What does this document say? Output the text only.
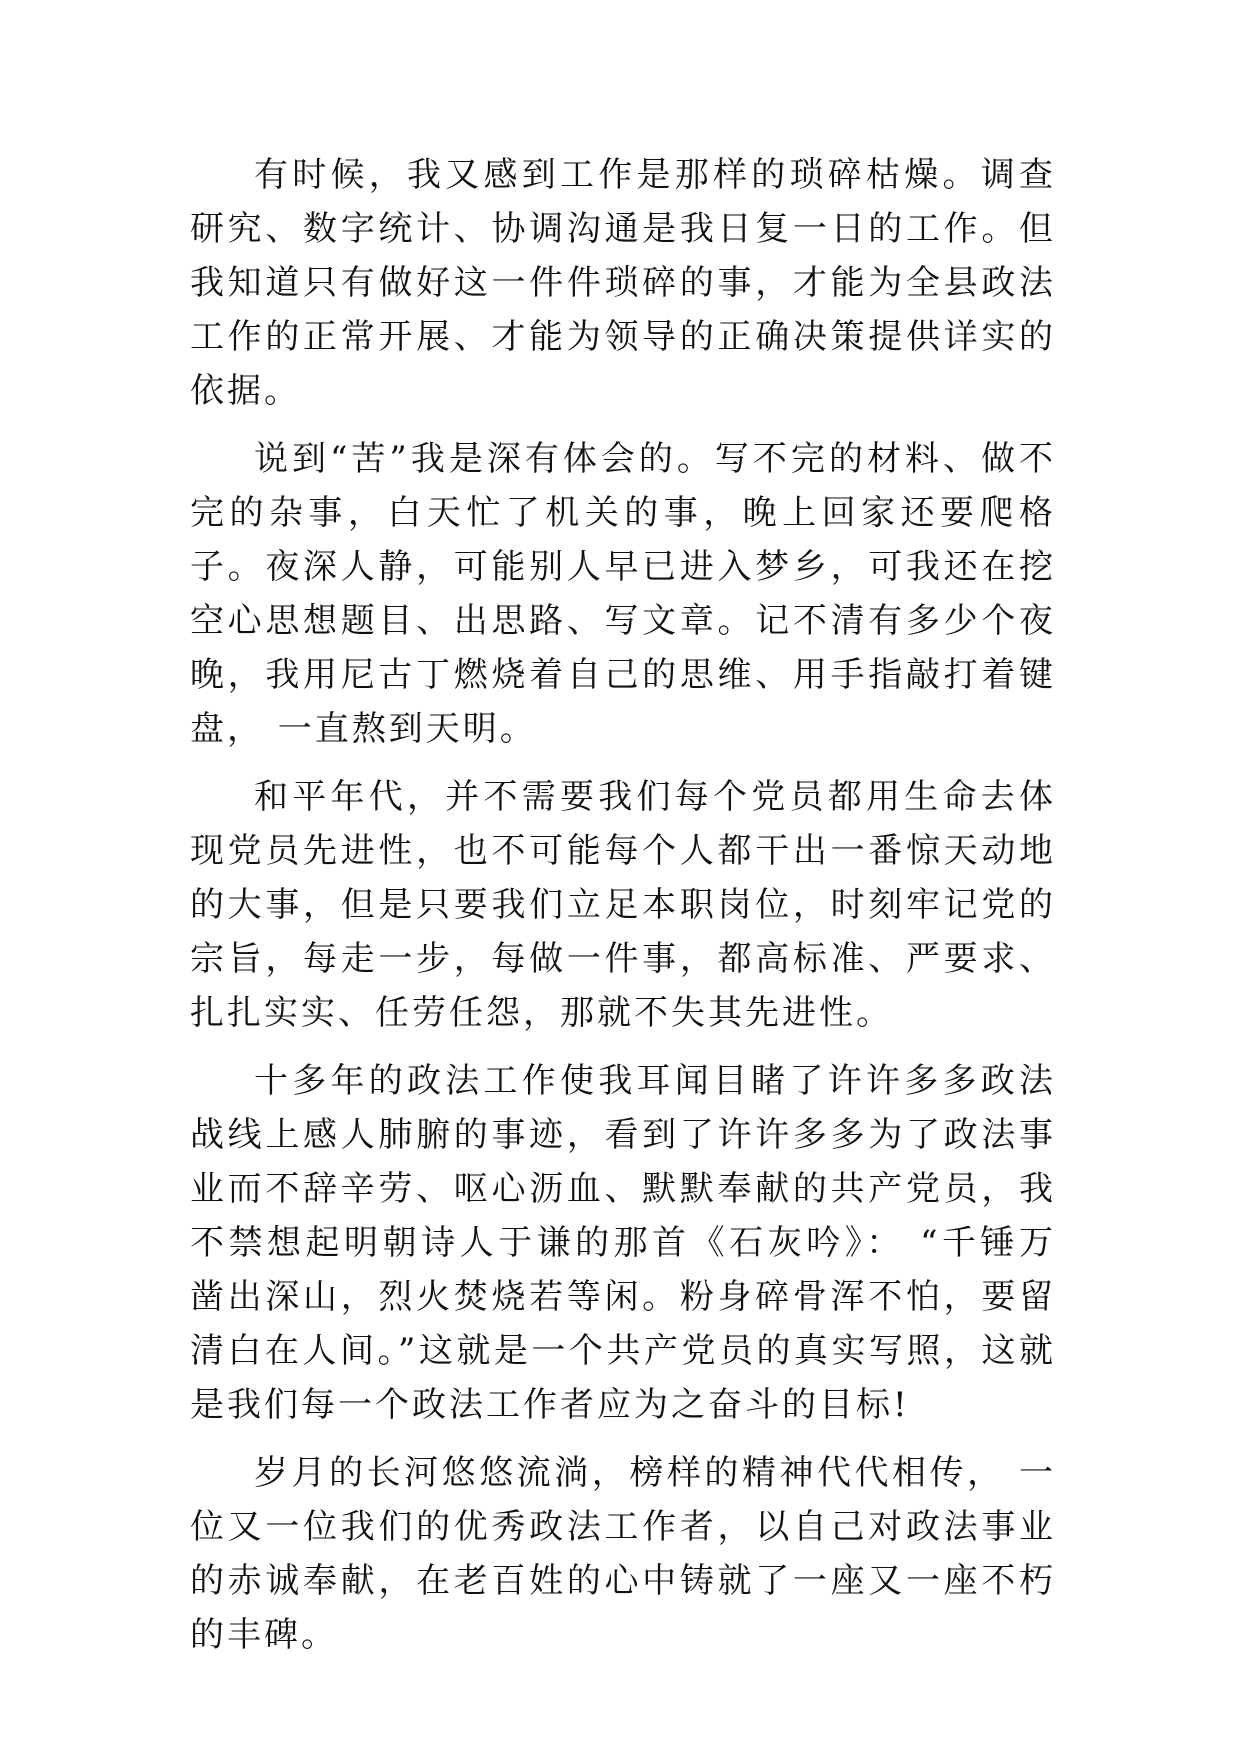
有时候，我又感到工作是那样的琐碎枯燥。调查研究、数字统计、协调沟通是我日复一日的工作。但我知道只有做好这一件件琐碎的事，才能为全县政法工作的正常开展、才能为领导的正确决策提供详实的依据。

说到“苦”我是深有体会的。写不完的材料、做不完的杂事，白天忙了机关的事，晚上回家还要爬格子。夜深人静，可能别人早已进入梦乡，可我还在挖空心思想题目、出思路、写文章。记不清有多少个夜晚，我用尼古丁燃烧着自己的思维、用手指敲打着键盘， 一直熬到天明。

和平年代，并不需要我们每个党员都用生命去体现党员先进性，也不可能每个人都干出一番惊天动地的大事，但是只要我们立足本职岗位，时刻牢记党的宗旨，每走一步，每做一件事，都高标准、严要求、扎扎实实、任劳任怨，那就不失其先进性。

十多年的政法工作使我耳闻目睹了许许多多政法战线上感人肺腑的事迹，看到了许许多多为了政法事业而不辞辛劳、呕心沥血、默默奉献的共产党员，我不禁想起明朝诗人于谦的那首《石灰吟》： “千锤万凿出深山，烈火焚烧若等闲。粉身碎骨浑不怕，要留清白在人间。”这就是一个共产党员的真实写照，这就是我们每一个政法工作者应为之奋斗的目标!

岁月的长河悠悠流淌，榜样的精神代代相传， 一位又一位我们的优秀政法工作者，以自己对政法事业的赤诚奉献，在老百姓的心中铸就了一座又一座不朽的丰碑。
